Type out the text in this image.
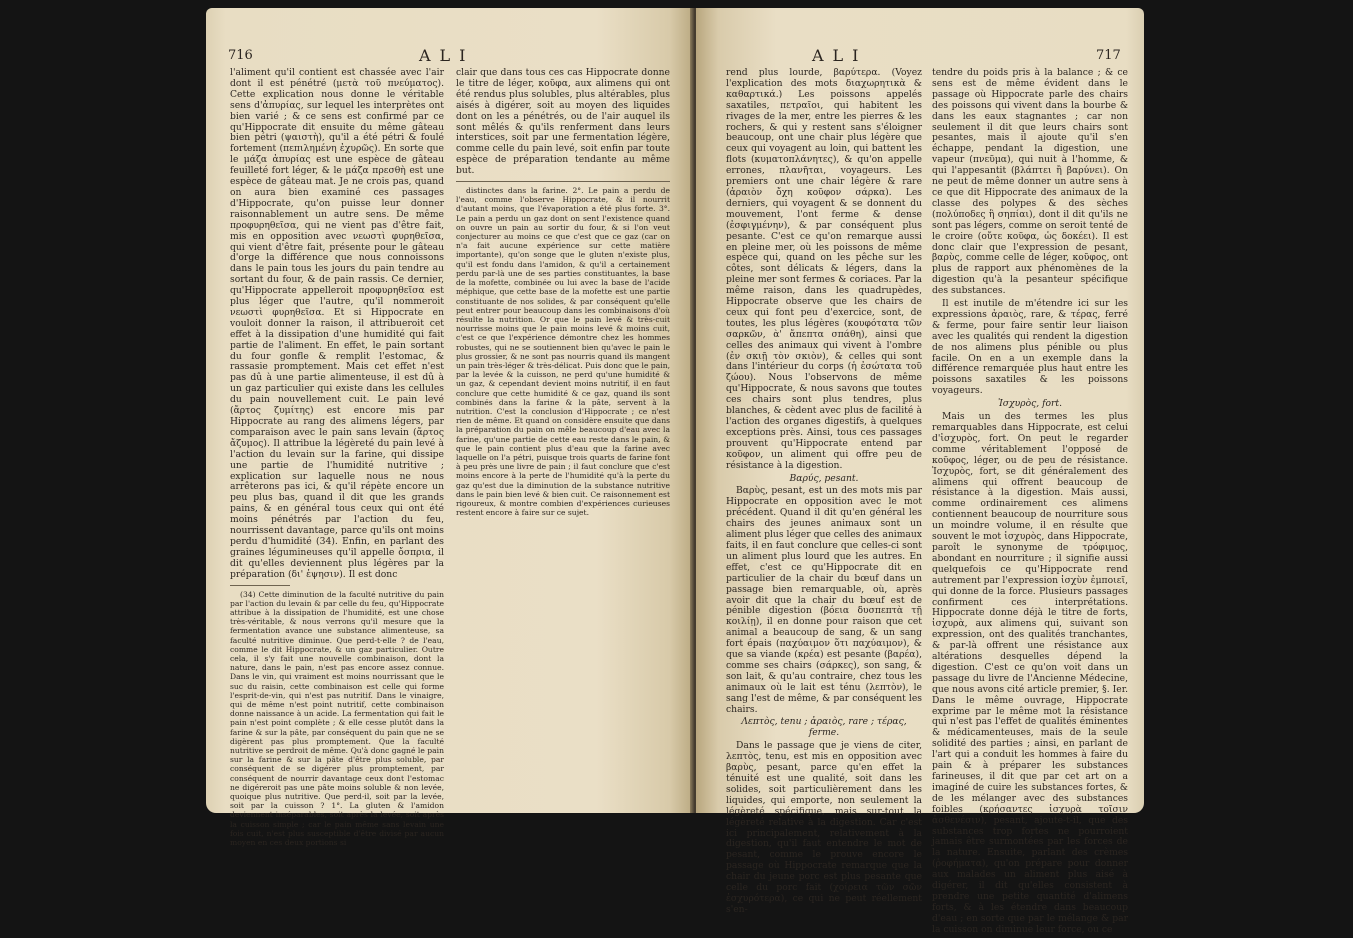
716	ALI

l'aliment qu'il contient est chassée avec l'air dont il est pénétré (μετὰ τοῦ πνεύματος). Cette explication nous donne le véritable sens d'ἀπυρίας, sur lequel les interprètes ont bien varié ; & ce sens est confirmé par ce qu'Hippocrate dit ensuite du même gâteau bien pétri (ψαιστὴ), qu'il a été pétri & foulé fortement (πεπιλημένη ἐχυρῶς). En sorte que le μάζα ἀπυρίας est une espèce de gâteau feuilleté fort léger, & le μάζα πρεσθὴ est une espèce de gâteau mat. Je ne crois pas, quand on aura bien examiné ces passages d'Hippocrate, qu'on puisse leur donner raisonnablement un autre sens. De même προφυρηθεῖσα, qui ne vient pas d'être fait, mis en opposition avec νεωστὶ φυρηθεῖσα, qui vient d'être fait, présente pour le gâteau d'orge la différence que nous connoissons dans le pain tous les jours du pain tendre au sortant du four, & de pain rassis. Ce dernier, qu'Hippocrate appelleroit προφυρηθεῖσα est plus léger que l'autre, qu'il nommeroit νεωστὶ φυρηθεῖσα. Et si Hippocrate en vouloit donner la raison, il attribueroit cet effet à la dissipation d'une humidité qui fait partie de l'aliment. En effet, le pain sortant du four gonfle & remplit l'estomac, & rassasie promptement. Mais cet effet n'est pas dû à une partie alimenteuse, il est dû à un gaz particulier qui existe dans les cellules du pain nouvellement cuit. Le pain levé (ἄρτος ζυμίτης) est encore mis par Hippocrate au rang des alimens légers, par comparaison avec le pain sans levain (ἄρτος ἄζυμος). Il attribue la légèreté du pain levé à l'action du levain sur la farine, qui dissipe une partie de l'humidité nutritive ; explication sur laquelle nous ne nous arrêterons pas ici, & qu'il répète encore un peu plus bas, quand il dit que les grands pains, & en général tous ceux qui ont été moins pénétrés par l'action du feu, nourrissent davantage, parce qu'ils ont moins perdu d'humidité (34). Enfin, en parlant des graines légumineuses qu'il appelle ὄσπρια, il dit qu'elles deviennent plus légères par la préparation (δι' ἑψησιν). Il est donc

(34) Cette diminution de la faculté nutritive du pain par l'action du levain & par celle du feu, qu'Hippocrate attribue à la dissipation de l'humidité, est une chose très-véritable, & nous verrons qu'il mesure que la fermentation avance une substance alimenteuse, sa faculté nutritive diminue. Que perd-t-elle ? de l'eau, comme le dit Hippocrate, & un gaz particulier. Outre cela, il s'y fait une nouvelle combinaison, dont la nature, dans le pain, n'est pas encore assez connue. Dans le vin, qui vraiment est moins nourrissant que le suc du raisin, cette combinaison est celle qui forme l'esprit-de-vin, qui n'est pas nutritif. Dans le vinaigre, qui de même n'est point nutritif, cette combinaison donne naissance à un acide. La fermentation qui fait le pain n'est point complète ; & elle cesse plutôt dans la farine & sur la pâte, par conséquent du pain que ne se digèrent pas plus promptement. Que la faculté nutritive se perdroit de même. Qu'à donc gagné le pain sur la farine & sur la pâte d'être plus soluble, par conséquent de se digérer plus promptement, par conséquent de nourrir davantage ceux dont l'estomac ne digéreroit pas une pâte moins soluble & non levée, quoique plus nutritive. Que perd-il, soit par la levée, soit par la cuisson ? 1°. La gluten & l'amidon deviennent inséparables, soit après la levée, soit après la cuisson simple ; car le pain même sans levain une fois cuit, n'est plus susceptible d'être divisé par aucun moyen en ces deux portions si

clair que dans tous ces cas Hippocrate donne le titre de léger, κοῦφα, aux alimens qui ont été rendus plus solubles, plus altérables, plus aisés à digérer, soit au moyen des liquides dont on les a pénétrés, ou de l'air auquel ils sont mêlés & qu'ils renferment dans leurs interstices, soit par une fermentation légère, comme celle du pain levé, soit enfin par toute espèce de préparation tendante au même but.

distinctes dans la farine. 2°. Le pain a perdu de l'eau, comme l'observe Hippocrate, & il nourrit d'autant moins, que l'évaporation a été plus forte. 3°. Le pain a perdu un gaz dont on sent l'existence quand on ouvre un pain au sortir du four, & si l'on veut conjecturer au moins ce que c'est que ce gaz (car on n'a fait aucune expérience sur cette matière importante), qu'on songe que le gluten n'existe plus, qu'il est fondu dans l'amidon, & qu'il a certainement perdu par-là une de ses parties constituantes, la base de la mofette, combinée ou lui avec la base de l'acide méphique, que cette base de la mofette est une partie constituante de nos solides, & par conséquent qu'elle peut entrer pour beaucoup dans les combinaisons d'où résulte la nutrition. Or que le pain levé & très-cuit nourrisse moins que le pain moins levé & moins cuit, c'est ce que l'expérience démontre chez les hommes robustes, qui ne se soutiennent bien qu'avec le pain le plus grossier, & ne sont pas nourris quand ils mangent un pain très-léger & très-délicat. Puis donc que le pain, par la levée & la cuisson, ne perd qu'une humidité & un gaz, & cependant devient moins nutritif, il en faut conclure que cette humidité & ce gaz, quand ils sont combinés dans la farine & la pâte, servent à la nutrition. C'est la conclusion d'Hippocrate ; ce n'est rien de même. Et quand on considère ensuite que dans la préparation du pain on mêle beaucoup d'eau avec la farine, qu'une partie de cette eau reste dans le pain, & que le pain contient plus d'eau que la farine avec laquelle on l'a pétri, puisque trois quarts de farine font à peu près une livre de pain ; il faut conclure que c'est moins encore à la perte de l'humidité qu'à la perte du gaz qu'est due la diminution de la substance nutritive dans le pain bien levé & bien cuit. Ce raisonnement est rigoureux, & montre combien d'expériences curieuses restent encore à faire sur ce sujet.

ALI	717

rend plus lourde, βαρύτερα. (Voyez l'explication des mots διαχωρητικὰ & καθαρτικά.) Les poissons appelés saxatiles, πετραῖοι, qui habitent les rivages de la mer, entre les pierres & les rochers, & qui y restent sans s'éloigner beaucoup, ont une chair plus légère que ceux qui voyagent au loin, qui battent les flots (κυματοπλάνητες), & qu'on appelle errones, πλανῆται, voyageurs. Les premiers ont une chair légère & rare (ἀραιὸν ὄχη κοῦφον σάρκα). Les derniers, qui voyagent & se donnent du mouvement, l'ont ferme & dense (ἐσφιγμένην), & par conséquent plus pesante. C'est ce qu'on remarque aussi en pleine mer, où les poissons de même espèce qui, quand on les pêche sur les côtes, sont délicats & légers, dans la pleine mer sont fermes & coriaces. Par la même raison, dans les quadrupèdes, Hippocrate observe que les chairs de ceux qui font peu d'exercice, sont, de toutes, les plus légères (κουφότατα τῶν σαρκῶν, ὰ' ἄπεπτα σπάθη), ainsi que celles des animaux qui vivent à l'ombre (ἐν σκιῇ τὸν σκιὸν), & celles qui sont dans l'intérieur du corps (ἡ ἐσώτατα τοῦ ζώου). Nous l'observons de même qu'Hippocrate, & nous savons que toutes ces chairs sont plus tendres, plus blanches, & cèdent avec plus de facilité à l'action des organes digestifs, à quelques exceptions près. Ainsi, tous ces passages prouvent qu'Hippocrate entend par κοῦφον, un aliment qui offre peu de résistance à la digestion.

Βαρύς, pesant.

Βαρὺς, pesant, est un des mots mis par Hippocrate en opposition avec le mot précédent. Quand il dit qu'en général les chairs des jeunes animaux sont un aliment plus léger que celles des animaux faits, il en faut conclure que celles-ci sont un aliment plus lourd que les autres. En effet, c'est ce qu'Hippocrate dit en particulier de la chair du bœuf dans un passage bien remarquable, où, après avoir dit que la chair du bœuf est de pénible digestion (βόεια δυσπεπτὰ τῇ κοιλίῃ), il en donne pour raison que cet animal a beaucoup de sang, & un sang fort épais (παχύαιμον ὅτι παχύαιμον), & que sa viande (κρέα) est pesante (βαρέα), comme ses chairs (σάρκες), son sang, & son lait, & qu'au contraire, chez tous les animaux où le lait est ténu (λεπτὸν), le sang l'est de même, & par conséquent les chairs.

Λεπτὸς, tenu ; ἀραιὸς, rare ; τέρας, ferme.

Dans le passage que je viens de citer, λεπτὸς, tenu, est mis en opposition avec βαρὺς, pesant, parce qu'en effet la ténuité est une qualité, soit dans les solides, soit particulièrement dans les liquides, qui emporte, non seulement la légèreté spécifique, mais sur-tout la légèreté relative à la digestion. Car c'est ici principalement, relativement à la digestion, qu'il faut entendre le mot de pesant, comme le prouve encore le passage où Hippocrate remarque que la chair du jeune porc est plus pesante que celle du porc fait (χοίρεια τῶν σῶν ἐσχυρότερα), ce qui ne peut réellement s'en-

tendre du poids pris à la balance ; & ce sens est de même évident dans le passage où Hippocrate parle des chairs des poissons qui vivent dans la bourbe & dans les eaux stagnantes ; car non seulement il dit que leurs chairs sont pesantes, mais il ajoute qu'il s'en échappe, pendant la digestion, une vapeur (πνεῦμα), qui nuit à l'homme, & qui l'appesantit (βλάπτει ἢ βαρύνει). On ne peut de même donner un autre sens à ce que dit Hippocrate des animaux de la classe des polypes & des sèches (πολύποδες ἢ σηπίαι), dont il dit qu'ils ne sont pas légers, comme on seroit tenté de le croire (οὔτε κοῦφα, ὡς δοκέει). Il est donc clair que l'expression de pesant, βαρὺς, comme celle de léger, κοῦφος, ont plus de rapport aux phénomènes de la digestion qu'à la pesanteur spécifique des substances.

Il est inutile de m'étendre ici sur les expressions ἀραιὸς, rare, & τέρας, ferré & ferme, pour faire sentir leur liaison avec les qualités qui rendent la digestion de nos alimens plus pénible ou plus facile. On en a un exemple dans la différence remarquée plus haut entre les poissons saxatiles & les poissons voyageurs.

Ἰσχυρὸς, fort.

Mais un des termes les plus remarquables dans Hippocrate, est celui d'ἰσχυρὸς, fort. On peut le regarder comme véritablement l'opposé de κοῦφος, léger, ou de peu de résistance. Ἰσχυρὸς, fort, se dit généralement des alimens qui offrent beaucoup de résistance à la digestion. Mais aussi, comme ordinairement ces alimens contiennent beaucoup de nourriture sous un moindre volume, il en résulte que souvent le mot ἰσχυρὸς, dans Hippocrate, paroît le synonyme de τρόφιμος, abondant en nourriture ; il signifie aussi quelquefois ce qu'Hippocrate rend autrement par l'expression ἰσχὺν ἐμποιεῖ, qui donne de la force. Plusieurs passages confirment ces interprétations. Hippocrate donne déjà le titre de forts, ἰσχυρὰ, aux alimens qui, suivant son expression, ont des qualités tranchantes, & par-là offrent une résistance aux altérations desquelles dépend la digestion. C'est ce qu'on voit dans un passage du livre de l'Ancienne Médecine, que nous avons cité article premier, §. Ier. Dans le même ouvrage, Hippocrate exprime par le même mot la résistance qui n'est pas l'effet de qualités éminentes & médicamenteuses, mais de la seule solidité des parties ; ainsi, en parlant de l'art qui a conduit les hommes à faire du pain & à préparer les substances farineuses, il dit que par cet art on a imaginé de cuire les substances fortes, & de les mélanger avec des substances foibles (κρήσαντες ἰσχυρὰ τοῖσιν ἀσθενέσιν), pesant, ajoute-t-il, que des substances trop fortes ne pourroient jamais être surmontées par les forces de la nature. Ensuite, parlant des crèmes (ῥοφήματα), qu'on prépare pour donner aux malades un aliment plus aisé à digérer, il dit qu'elles consistent à prendre une petite quantité d'alimens forts, & à les étendre dans beaucoup d'eau ; en sorte que par le mélange & par la cuisson on diminue leur force, ou ce
